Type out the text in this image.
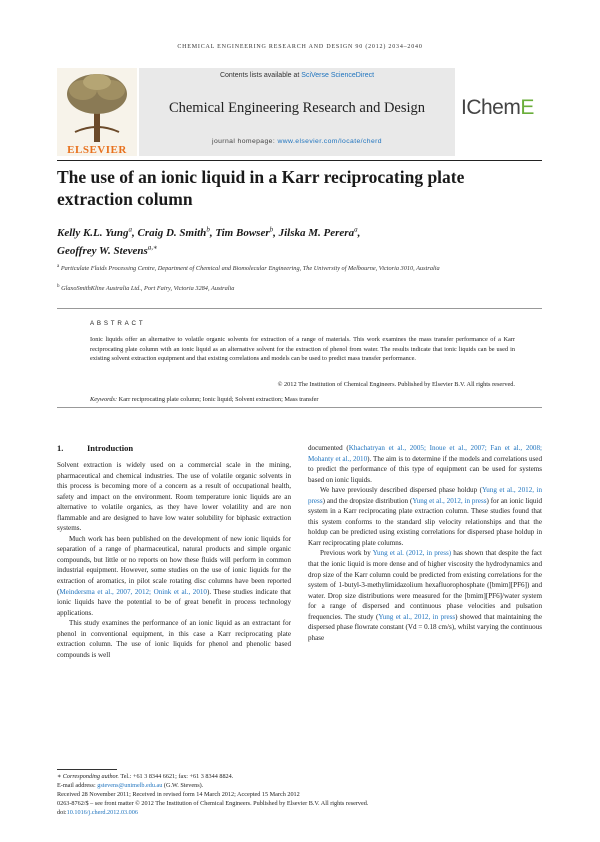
CHEMICAL ENGINEERING RESEARCH AND DESIGN 90 (2012) 2034–2040
ELSEVIER
Contents lists available at SciVerse ScienceDirect
Chemical Engineering Research and Design
journal homepage: www.elsevier.com/locate/cherd
IChemE
The use of an ionic liquid in a Karr reciprocating plate extraction column
Kelly K.L. Yung$^a$, Craig D. Smith$^b$, Tim Bowser$^b$, Jilska M. Perera$^a$,
Geoffrey W. Stevens$^{a,∗}$
$^a$ Particulate Fluids Processing Centre, Department of Chemical and Biomolecular Engineering, The University of Melbourne, Victoria 3010, Australia
$^b$ GlaxoSmithKline Australia Ltd., Port Fairy, Victoria 3284, Australia
ABSTRACT
Ionic liquids offer an alternative to volatile organic solvents for extraction of a range of materials. This work examines the mass transfer performance of a Karr reciprocating plate column with an ionic liquid as an alternative solvent for the extraction of phenol from water. The results indicate that ionic liquids can be used in existing solvent extraction equipment and that existing correlations and models can be used to predict mass transfer performance.
© 2012 The Institution of Chemical Engineers. Published by Elsevier B.V. All rights reserved.
Keywords: Karr reciprocating plate column; Ionic liquid; Solvent extraction; Mass transfer
1.	Introduction

Solvent extraction is widely used on a commercial scale in the mining, pharmaceutical and chemical industries. The use of volatile organic solvents in this process is becoming more of a concern as a result of occupational health, safety and impact on the environment. Room temperature ionic liquids are an alternative to volatile organics, as they have lower volatility and are non flammable and are designed to have low water solubility for biphasic extraction systems.

Much work has been published on the development of new ionic liquids for separation of a range of pharmaceutical, natural products and simple organic compounds, but little or no reports on how these fluids will perform in common industrial equipment. However, some studies on the use of ionic liquids for the extraction of aromatics, in pilot scale rotating disc columns have been reported (Meindersma et al., 2007, 2012; Onink et al., 2010). These studies indicate that ionic liquids have the potential to be of great benefit in process technology applications.

This study examines the performance of an ionic liquid as an extractant for phenol in conventional equipment, in this case a Karr reciprocating plate extraction column. The use of ionic liquids for phenol and phenolic based compounds is well

documented (Khachatryan et al., 2005; Inoue et al., 2007; Fan et al., 2008; Mohanty et al., 2010). The aim is to determine if the models and correlations used to predict the performance of this type of equipment can be used for systems based on ionic liquids.

We have previously described dispersed phase holdup (Yung et al., 2012, in press) and the dropsize distribution (Yung et al., 2012, in press) for an ionic liquid system in a Karr reciprocating plate extraction column. These studies found that this system conforms to the standard slip velocity relationships and that the holdup can be predicted using existing correlations for dispersed phase holdup in Karr reciprocating plate columns.

Previous work by Yung et al. (2012, in press) has shown that despite the fact that the ionic liquid is more dense and of higher viscosity the hydrodynamics and drop size of the Karr column could be predicted from existing correlations for the system of 1-butyl-3-methylimidazolium hexafluorophosphate ([bmim][PF6]) and water. Drop size distributions were measured for the [bmim][PF6]/water system for a range of dispersed and continuous phase velocities and pulsation frequencies. The study (Yung et al., 2012, in press) showed that maintaining the dispersed phase flowrate constant (Vd = 0.18 cm/s), whilst varying the continuous phase

∗ Corresponding author. Tel.: +61 3 8344 6621; fax: +61 3 8344 8824.
E-mail address: gstevens@unimelb.edu.au (G.W. Stevens).
Received 28 November 2011; Received in revised form 14 March 2012; Accepted 15 March 2012
0263-8762/$ – see front matter © 2012 The Institution of Chemical Engineers. Published by Elsevier B.V. All rights reserved.
doi:10.1016/j.cherd.2012.03.006
